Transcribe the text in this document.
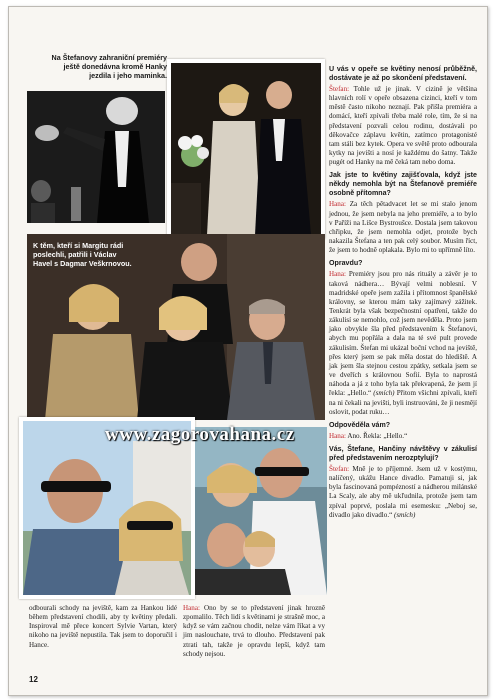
Na Štefanovy zahraniční premiéry ještě donedávna kromě Hanky jezdila i jeho maminka.
K těm, kteří si Margitu rádi poslechli, patřili i Václav Havel s Dagmar Veškrnovou.
www.zagorovahana.cz

U vás v opeře se květiny nenosí průběžně, dostávate je až po skončení představení.

Štefan: Tohle už je jinak. V cizině je většina hlavních rolí v opeře obsazena cizinci, kteří v tom městě často nikoho neznají. Pak přišla premiéra a domácí, kteří zpívali třeba malé role, tím, že si na představení pozvali celou rodinu, dostávali po děkovačce záplavu květin, zatímco protagonisté tam stáli bez kytek. Opera ve světě proto odbourala kytky na jevišti a nosí je každému do šatny. Takže pugét od Hanky na mě čeká tam nebo doma.

Jak jste to květiny zajišťovala, když jste někdy nemohla být na Štefanově premiéře osobně přítomna?

Hana: Za těch pětadvacet let se mi stalo jenom jednou, že jsem nebyla na jeho premiéře, a to bylo v Paříži na Lišce Bystroušce. Dostala jsem takovou chřipku, že jsem nemohla odjet, protože bych nakazila Štefana a ten pak celý soubor. Musím říct, že jsem to hodně oplakala. Bylo mi to upřímně líto.

Opravdu?

Hana: Premiéry jsou pro nás rituály a závěr je to taková nádhera… Bývají velmi noblesní. V madridské opeře jsem zažila i přítomnost španělské královny, se kterou mám taky zajímavý zážitek. Tenkrát byla však bezpečnostní opatření, takže do zákulisí se nemohlo, což jsem nevěděla. Proto jsem jako obvykle šla před představením k Štefanovi, abych mu popřála a dala na té své pult provede zákulisím. Štefan mi ukázal boční vchod na jeviště, přes který jsem se pak měla dostat do hlediště. A jak jsem šla stejnou cestou zpátky, setkala jsem se ve dveřích s královnou Sofií. Byla to naprostá náhoda a já z toho byla tak překvapená, že jsem jí řekla: „Hello.“ (smích) Přitom všichni zpívali, kteří na ni čekali na jevišti, byli instruováni, že ji nesmějí oslovit, podat ruku…

Odpověděla vám?

Hana: Ano. Řekla: „Hello.“

Vás, Štefane, Hančiny návštěvy v zákulisí před představením nerozptylují?

Štefan: Mně je to příjemné. Jsem už v kostýmu, nalíčený, ukážu Hance divadlo. Pamatuji si, jak byla fascinovaná pompézností a nádherou milánské La Scaly, ale aby mě ukľudnila, protože jsem tam zpíval poprvé, poslala mi esemesku: „Neboj se, divadlo jako divadlo.“ (smích)

odbourali schody na jeviště, kam za Hankou lidé během představení chodili, aby ty květiny předali. Inspiroval mě přece koncert Sylvie Vartan, který nikoho na jeviště nepustila. Tak jsem to doporučil i Hance.

Hana: Ono by se to představení jinak hrozně zpomalilo. Těch lidí s květinami je strašně moc, a když se vám začnou chodit, nelze vám říkat a vy jim naslouchate, trvá to dlouho. Představení pak ztrati tah, takže je opravdu lepší, když tam schody nejsou.

12
